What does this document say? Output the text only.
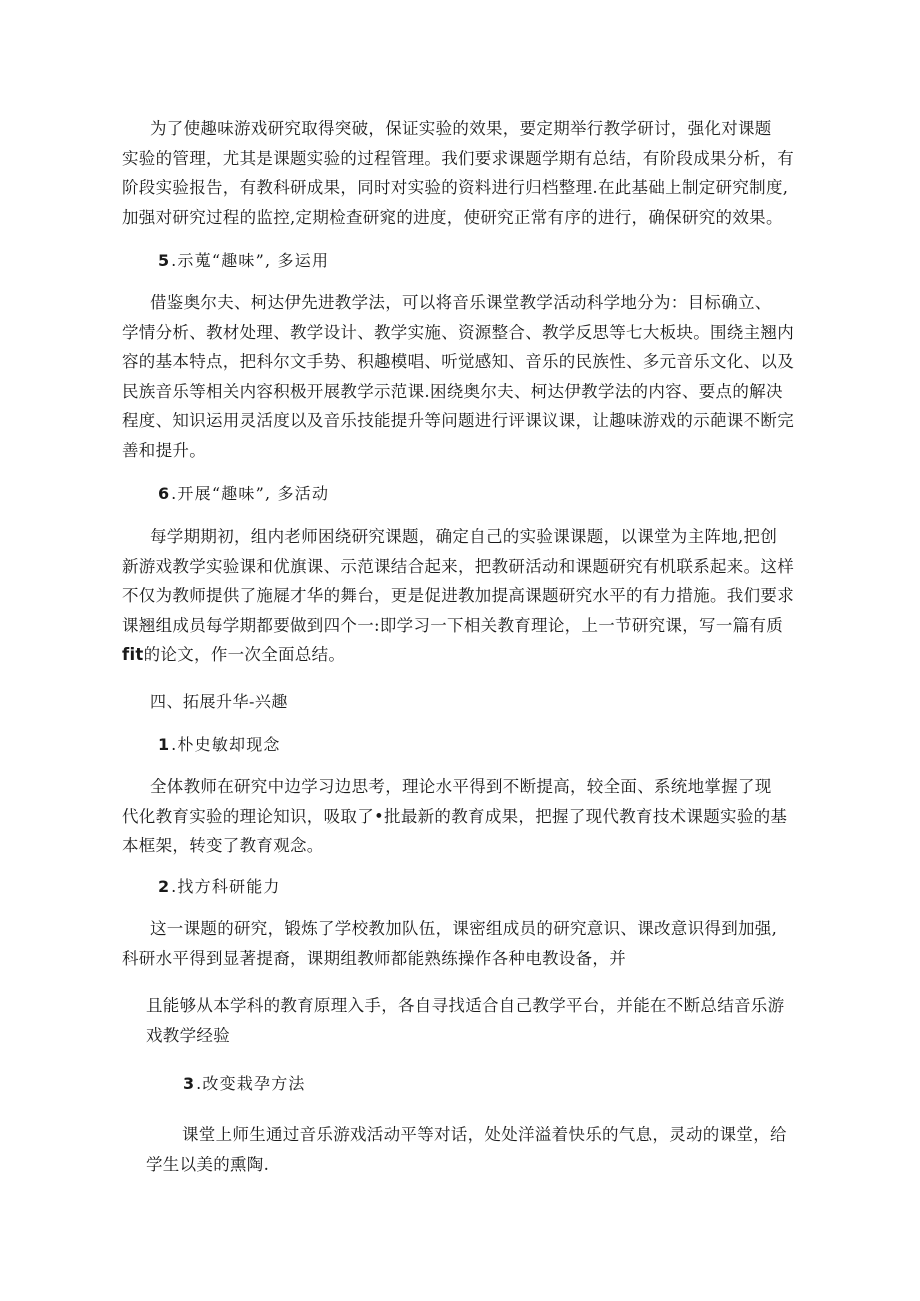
为了使趣味游戏研究取得突破，保证实验的效果，要定期举行教学研讨，强化对课题
实验的管理，尤其是课题实验的过程管理。我们要求课题学期有总结，有阶段成果分析，有
阶段实验报告，有教科研成果，同时对实验的资料进行归档整理.在此基础上制定研究制度,
加强对研究过程的监控,定期检查研窕的进度，使研究正常有序的进行，确保研究的效果。
5 .示蒐“趣味”, 多运用
借鉴奥尔夫、柯达伊先进教学法，可以将音乐课堂教学活动科学地分为：目标确立、
学情分析、教材处理、教学设计、教学实施、资源整合、教学反思等七大板块。围绕主翘内
容的基本特点，把科尔文手势、积趣模唱、听觉感知、音乐的民族性、多元音乐文化、以及
民族音乐等相关内容积极开展教学示范课.困绕奥尔夫、柯达伊教学法的内容、要点的解决
程度、知识运用灵活度以及音乐技能提升等问题进行评课议课，让趣味游戏的示葩课不断完
善和提升。
6 .开展“趣味”, 多活动
每学期期初，组内老师困绕研究课题，确定自己的实验课课题，以课堂为主阵地,把创
新游戏教学实验课和优旗课、示范课结合起来，把教研活动和课题研究有机联系起来。这样
不仅为教师提供了施屣才华的舞台，更是促进教加提高课题研究水平的有力措施。我们要求
课翘组成员每学期都要做到四个一:即学习一下相关教育理论，上一节研究课，写一篇有质
fit的论文，作一次全面总结。
四、拓展升华-兴趣
1 .朴史敏却现念
全体教师在研究中边学习边思考，理论水平得到不断提高，较全面、系统地掌握了现
代化教育实验的理论知识，吸取了•批最新的教育成果，把握了现代教育技术课题实验的基
本框架，转变了教育观念。
2 .找方科研能力
这一课题的研究，锻炼了学校教加队伍，课密组成员的研究意识、课改意识得到加强,
科研水平得到显著提裔，课期组教师都能熟练操作各种电教设备，并
且能够从本学科的教育原理入手，各自寻找适合自己教学平台，并能在不断总结音乐游
戏教学经验
3 .改变栽孕方法
课堂上师生通过音乐游戏活动平等对话，处处洋溢着快乐的气息，灵动的课堂，给
学生以美的熏陶.
